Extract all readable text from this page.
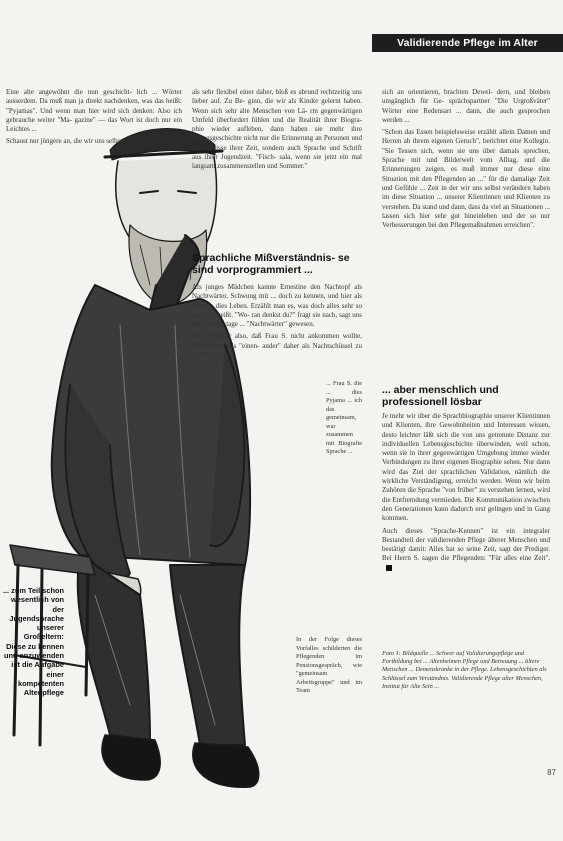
Validierende Pflege im Alter

Eine alte angewöhnt die nun geschicht- lich ... Wörter ausserdem. Da muß man ja direkt nachdenken, was das heißt: "Pyjamas". Und wenn man hier wird sich denken: Also ich gebrauche weiter "Ma- gazine" — das Wort ist doch nur ein Leichtes ...

Schaust nur jüngere an, die wir uns selbst

als sehr flexibel einer daher, bloß es abrund rechtzeitig uns lieber auf. Zu Be- ginn, die wir als Kinder gelernt haben. Wenn sich sehr alte Menschen von Lä- rm gegenwärtigen Umfeld überfordert fühlen und die Realität ihrer Biogra- phie wieder aufleben, dann haben sie mehr ihre Alltagsgeschichte nicht nur die Erinnerung an Personen und Erle- bnisse ihrer Zeit, sondern auch Sprache und Schrift aus ihrer Jugendzeit. "Fisch- sala, wenn sie jetzt ein mal langsam zusammenstellen und Sommer."

Sprachliche Mißverständnis- se sind vorprogrammiert ...

Als junges Mädchen kannte Ernestine den Nachtopf als Nachtwärter, Schwung mit ... doch zu kennen, und hier als Wort ... dies Leben. Erzählt man es, was doch alles sehr so englisch heißt. "Wo- ran denkst du?" fragt sie nach, sagt uns wie du bist, tage ... "Nachtwärter" gewesen.

Kein Wunder also, daß Frau S. nicht ankommen wollte, "Nachttopf" als "einen- ander" daher als Nachtschüssel zu erwärmen ...

... Frau S. die ... dies Pyjama ... ich das gemeinsam, war zusammen mit Biografie Sprache ...

In der Folge dieses Vorfalles schilderten die Pflegenden im Pensionsgespräch, wie "gemeinsam Arbeitsgruppe" und im Team

sich an orientieren, brachten Dewel- dern, und bleiben umgänglich für Ge- sprächspartner "Die Urgroßväter" Wörter eine Redensart ... dann, die auch gesprochen werden ...

"Schon das Essen beispielsweise erzählt allein Damen und Herren ab ihrem eigenen Geruch", berichtet eine Kollegin. "Sie Tessen sich, wenn sie uns über damals sprechen, Sprache mit und Bilderwelt vom Alltag, und die Erinnerungen zeigen, es muß immer nur diese eine Situation mit den Pflegenden an ..." für die damalige Zeit und Gefühle ... Zeit in der wir uns selbst verändern haben im diese Situation ... unserer Klientinnen und Klienten zu verstehen. Da stand und dann, dass da viel an Situationen ... lassen sich hier sehr gut hineinleben und der so nur Verbesserungen bei den Pflegemaßnahmen erreichen".

... aber menschlich und professionell lösbar

Je mehr wir über die Sprachbiographie unserer Klientinnen und Klienten, ihre Gewohnheiten und Interessen wissen, desto leichter läßt sich die von uns getrennte Distanz zur individuellen Lebensgeschichte überwinden, weil schon, wenn sie in ihrer gegenwärtigen Umgebung immer wieder Verbindungen zu ihrer eigenen Biographie sehen. Nur dann wird das Ziel der sprachlichen Validation, nämlich die wirkliche Verständigung, erreicht werden. Wenn wir beim Zuhören die Sprache "von früher" zu verstehen lernen, wird die Entfremdung vermieden. Die Kommunikation zwischen den Generationen kann dadurch erst gelingen und in Gang kommen.

Auch dieses "Sprache-Kennen" ist ein integraler Bestandteil der validierenden Pflege älterer Menschen und bestätigt damit: Alles hat so seine Zeit, sagt der Prediger. Bei Herrn S. sagen die Pflegenden: "Für alles eine Zeit".

... zum Teil schon wesentlich von der Jugendsprache unserer Großeltern: Diese zu kennen und anzuwenden ist die Aufgabe einer kompetenten Altenpflege
Foto 1: Bildquelle ... Schwer auf Validierungspflege und Fortbildung bei ... Altenheimen Pflege und Betreuung ... ältere Menschen ... Demenzkranke in der Pflege. Lebensgeschichten als Schlüssel zum Verständnis. Validierende Pflege alter Menschen, Institut für Alte Sein ...
87
